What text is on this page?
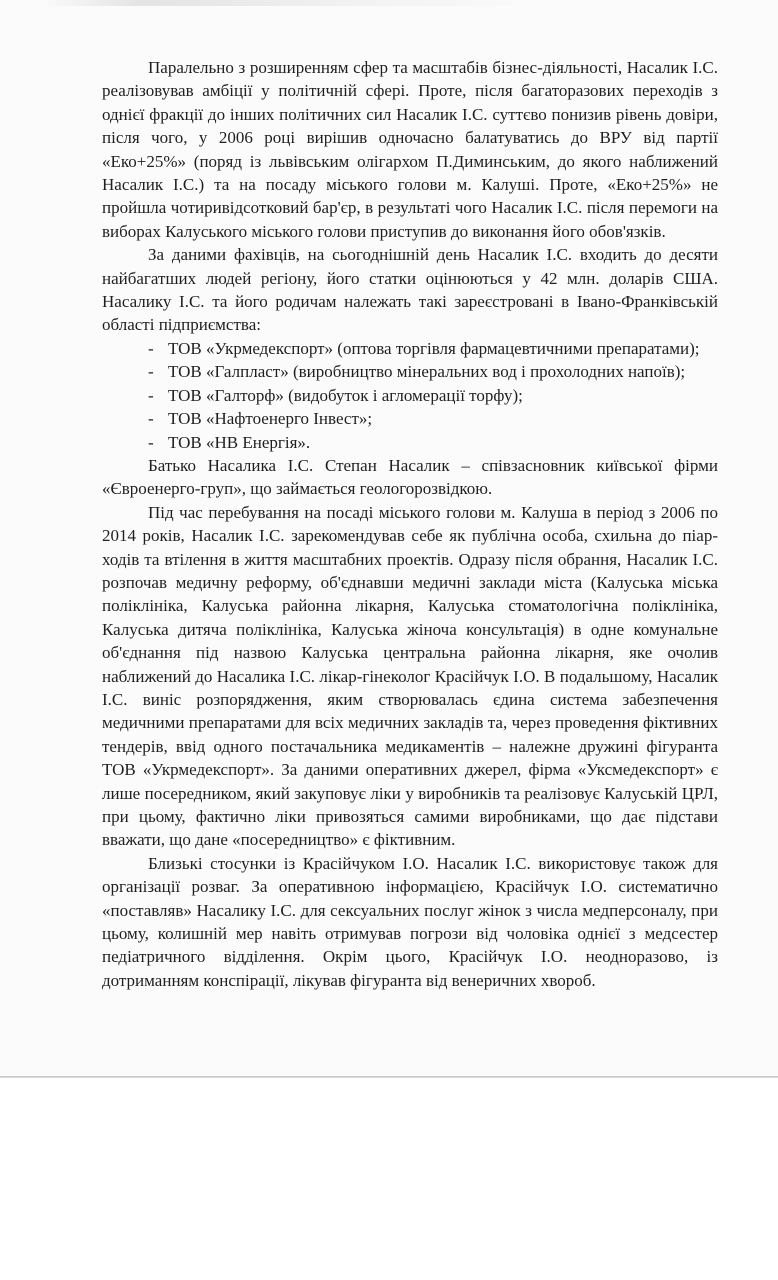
Паралельно з розширенням сфер та масштабів бізнес-діяльності, Насалик І.С. реалізовував амбіції у політичній сфері. Проте, після багаторазових переходів з однієї фракції до інших політичних сил Насалик І.С. суттєво понизив рівень довіри, після чого, у 2006 році вирішив одночасно балатуватись до ВРУ від партії «Еко+25%» (поряд із львівським олігархом П.Диминським, до якого наближений Насалик І.С.) та на посаду міського голови м. Калуші. Проте, «Еко+25%» не пройшла чотиривідсотковий бар'єр, в результаті чого Насалик І.С. після перемоги на виборах Калуського міського голови приступив до виконання його обов'язків.

За даними фахівців, на сьогоднішній день Насалик І.С. входить до десяти найбагатших людей регіону, його статки оцінюються у 42 млн. доларів США. Насалику І.С. та його родичам належать такі зареєстровані в Івано-Франківській області підприємства:

- ТОВ «Укрмедекспорт» (оптова торгівля фармацевтичними препаратами);
- ТОВ «Галпласт» (виробництво мінеральних вод і прохолодних напоїв);
- ТОВ «Галторф» (видобуток і агломерації торфу);
- ТОВ «Нафтоенерго Інвест»;
- ТОВ «НВ Енергія».

Батько Насалика І.С. Степан Насалик – співзасновник київської фірми «Євроенерго-груп», що займається геологорозвідкою.

Під час перебування на посаді міського голови м. Калуша в період з 2006 по 2014 років, Насалик І.С. зарекомендував себе як публічна особа, схильна до піар-ходів та втілення в життя масштабних проектів. Одразу після обрання, Насалик І.С. розпочав медичну реформу, об'єднавши медичні заклади міста (Калуська міська поліклініка, Калуська районна лікарня, Калуська стоматологічна поліклініка, Калуська дитяча поліклініка, Калуська жіноча консультація) в одне комунальне об'єднання під назвою Калуська центральна районна лікарня, яке очолив наближений до Насалика І.С. лікар-гінеколог Красійчук І.О. В подальшому, Насалик І.С. виніс розпорядження, яким створювалась єдина система забезпечення медичними препаратами для всіх медичних закладів та, через проведення фіктивних тендерів, ввід одного постачальника медикаментів – належне дружині фігуранта ТОВ «Укрмедекспорт». За даними оперативних джерел, фірма «Уксмедекспорт» є лише посередником, який закуповує ліки у виробників та реалізовує Калуській ЦРЛ, при цьому, фактично ліки привозяться самими виробниками, що дає підстави вважати, що дане «посередництво» є фіктивним.

Близькі стосунки із Красійчуком І.О. Насалик І.С. використовує також для організації розваг. За оперативною інформацією, Красійчук І.О. систематично «поставляв» Насалику І.С. для сексуальних послуг жінок з числа медперсоналу, при цьому, колишній мер навіть отримував погрози від чоловіка однієї з медсестер педіатричного відділення. Окрім цього, Красійчук І.О. неодноразово, із дотриманням конспірації, лікував фігуранта від венеричних хвороб.
